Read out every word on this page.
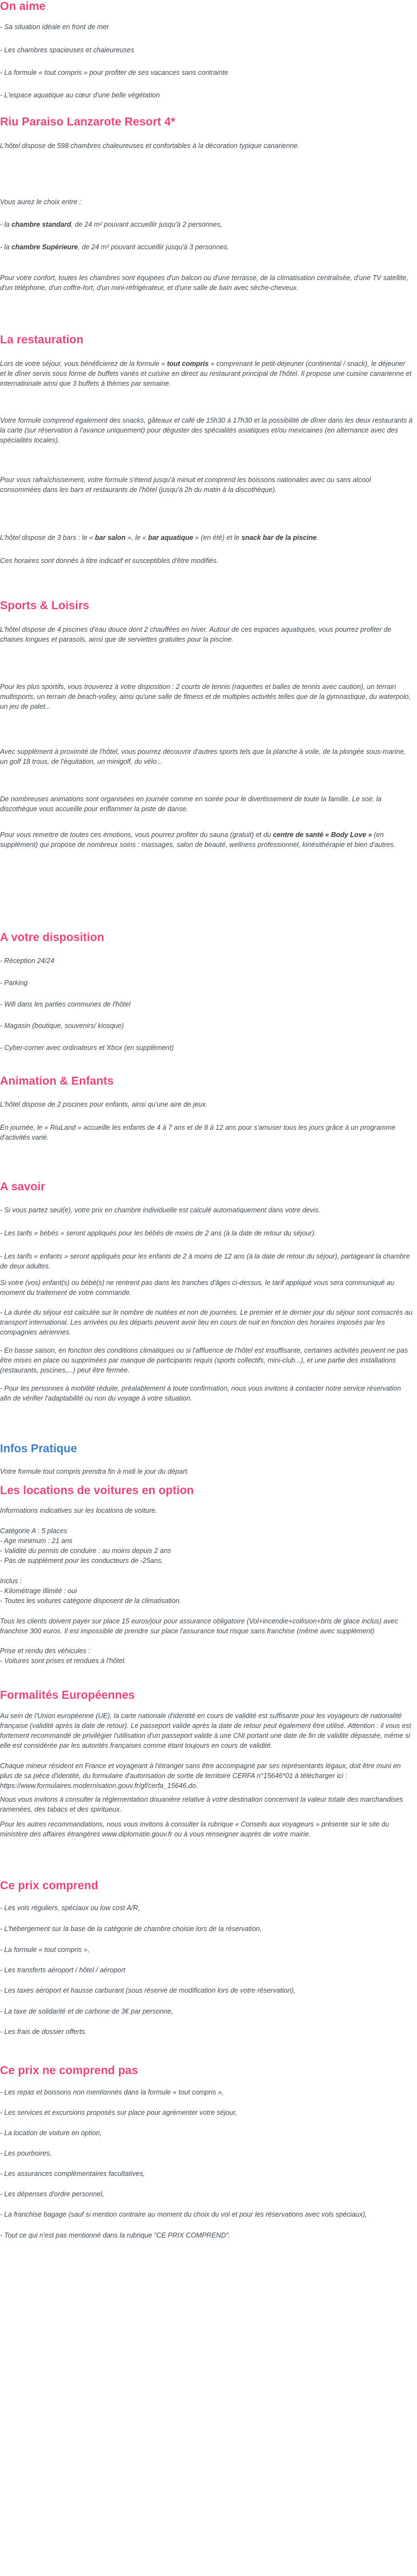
On aime

- Sa situation idéale en front de mer

- Les chambres spacieuses et chaleureuses

- La formule « tout compris » pour profiter de ses vacances sans contrainte

- L'espace aquatique au cœur d'une belle végétation

Riu Paraiso Lanzarote Resort 4*

L'hôtel dispose de 598 chambres chaleureuses et confortables à la décoration typique canarienne.

Vous aurez le choix entre :

- la chambre standard, de 24 m² pouvant accueillir jusqu'à 2 personnes,

- la chambre Supérieure, de 24 m² pouvant accueillir jusqu'à 3 personnes.

Pour votre confort, toutes les chambres sont équipées d'un balcon ou d'une terrasse, de la climatisation centralisée, d'une TV satellite, d'un téléphone, d'un coffre-fort, d'un mini-réfrigérateur, et d'une salle de bain avec sèche-cheveux.

La restauration

Lors de votre séjour, vous bénéficierez de la formule « tout compris » comprenant le petit-déjeuner (continental / snack), le déjeuner et le dîner servis sous forme de buffets variés et cuisine en direct au restaurant principal de l'hôtel. Il propose une cuisine canarienne et internationale ainsi que 3 buffets à thèmes par semaine.

Votre formule comprend également des snacks, gâteaux et café de 15h30 à 17h30 et la possibilité de dîner dans les deux restaurants à la carte (sur réservation à l'avance uniquement) pour déguster des spécialités asiatiques et/ou mexicaines (en alternance avec des spécialités locales).

Pour vous rafraîchissement, votre formule s'étend jusqu'à minuit et comprend les boissons nationales avec ou sans alcool consommées dans les bars et restaurants de l'hôtel (jusqu'à 2h du matin à la discothèque).

L'hôtel dispose de 3 bars : le « bar salon », le « bar aquatique » (en été) et le snack bar de la piscine.

Ces horaires sont donnés à titre indicatif et susceptibles d'être modifiés.

Sports & Loisirs

L'hôtel dispose de 4 piscines d'eau douce dont 2 chauffées en hiver. Autour de ces espaces aquatiques, vous pourrez profiter de chaises longues et parasols, ainsi que de serviettes gratuites pour la piscine.

Pour les plus sportifs, vous trouverez à votre disposition : 2 courts de tennis (raquettes et balles de tennis avec caution), un terrain multisports, un terrain de beach-volley, ainsi qu'une salle de fitness et de multiples activités telles que de la gymnastique, du waterpolo, un jeu de palet...

Avec supplément à proximité de l'hôtel, vous pourrez découvrir d'autres sports tels que la planche à voile, de la plongée sous-marine, un golf 18 trous, de l'équitation, un minigolf, du vélo...

De nombreuses animations sont organisées en journée comme en soirée pour le divertissement de toute la famille. Le soir, la discothèque vous accueille pour enflammer la piste de danse.

Pour vous remettre de toutes ces émotions, vous pourrez profiter du sauna (gratuit) et du centre de santé « Body Love » (en supplément) qui propose de nombreux soins : massages, salon de beauté, wellness professionnel, kinésithérapie et bien d'autres.

A votre disposition

- Réception 24/24

- Parking

- Wifi dans les parties communes de l'hôtel

- Magasin (boutique, souvenirs/ kiosque)

- Cyber-corner avec ordinateurs et Xbox (en supplément)

Animation & Enfants

L'hôtel dispose de 2 piscines pour enfants, ainsi qu'une aire de jeux.

En journée, le « RiuLand » accueille les enfants de 4 à 7 ans et de 8 à 12 ans pour s'amuser tous les jours grâce à un programme d'activités varié.

A savoir

- Si vous partez seul(e), votre prix en chambre individuelle est calculé automatiquement dans votre devis.

- Les tarifs « bébés » seront appliqués pour les bébés de moins de 2 ans (à la date de retour du séjour).

- Les tarifs « enfants » seront appliqués pour les enfants de 2 à moins de 12 ans (à la date de retour du séjour), partageant la chambre de deux adultes.

Si votre (vos) enfant(s) ou bébé(s) ne rentrent pas dans les tranches d'âges ci-dessus, le tarif appliqué vous sera communiqué au moment du traitement de votre commande.

- La durée du séjour est calculée sur le nombre de nuitées et non de journées. Le premier et le dernier jour du séjour sont consacrés au transport international. Les arrivées ou les départs peuvent avoir lieu en cours de nuit en fonction des horaires imposés par les compagnies aériennes.

- En basse saison, en fonction des conditions climatiques ou si l'affluence de l'hôtel est insuffisante, certaines activités peuvent ne pas être mises en place ou supprimées par manque de participants requis (sports collectifs, mini-club...), et une partie des installations (restaurants, piscines,...) peut être fermée.

- Pour les personnes à mobilité réduite, préalablement à toute confirmation, nous vous invitons à contacter notre service réservation afin de vérifier l'adaptabilité ou non du voyage à votre situation.

Infos Pratique

Votre formule tout compris prendra fin à midi le jour du départ.

Les locations de voitures en option

Informations indicatives sur les locations de voiture.

Catégorie A : 5 places

- Age minimum : 21 ans

- Validité du permis de conduire : au moins depuis 2 ans

- Pas de supplément pour les conducteurs de -25ans.

Inclus :

- Kilométrage illimité : oui

- Toutes les voitures catégorie disposent de la climatisation.

Tous les clients doivent payer sur place 15 euros/jour pour assurance obligatoire (Vol+incendie+collision+bris de glace inclus) avec franchise 300 euros. Il est impossible de prendre sur place l'assurance tout risque sans franchise (même avec supplément)

Prise et rendu des véhicules :

- Voitures sont prises et rendues à l'hôtel.

Formalités Européennes

Au sein de l'Union européenne (UE), la carte nationale d'identité en cours de validité est suffisante pour les voyageurs de nationalité française (validité après la date de retour). Le passeport valide après la date de retour peut également être utilisé. Attention : il vous est fortement recommandé de privilégier l'utilisation d'un passeport valide à une CNI portant une date de fin de validité dépassée, même si elle est considérée par les autorités françaises comme étant toujours en cours de validité.

Chaque mineur résident en France et voyageant à l'étranger sans être accompagné par ses représentants légaux, doit être muni en plus de sa pièce d'identité, du formulaire d'autorisation de sortie de territoire CERFA n°15646*01 à télécharger ici : https://www.formulaires.modernisation.gouv.fr/gf/cerfa_15646.do.

Nous vous invitons à consulter la réglementation douanière relative à votre destination concernant la valeur totale des marchandises ramenées, des tabacs et des spiritueux.

Pour les autres recommandations, nous vous invitons à consulter la rubrique « Conseils aux voyageurs » présente sur le site du ministère des affaires étrangères www.diplomatie.gouv.fr ou à vous renseigner auprès de votre mairie.

Ce prix comprend

- Les vols réguliers, spéciaux ou low cost A/R,

- L'hébergement sur la base de la catégorie de chambre choisie lors de la réservation,

- La formule « tout compris »,

- Les transferts aéroport / hôtel / aéroport

- Les taxes aéroport et hausse carburant (sous réserve de modification lors de votre réservation),

- La taxe de solidarité et de carbone de 3€ par personne,

- Les frais de dossier offerts.

Ce prix ne comprend pas

- Les repas et boissons non mentionnés dans la formule « tout compris »,

- Les services et excursions proposés sur place pour agrémenter votre séjour,

- La location de voiture en option,

- Les pourboires,

- Les assurances complémentaires facultatives,

- Les dépenses d'ordre personnel,

- La franchise bagage (sauf si mention contraire au moment du choix du vol et pour les réservations avec vols spéciaux),

- Tout ce qui n'est pas mentionné dans la rubrique "CE PRIX COMPREND".
